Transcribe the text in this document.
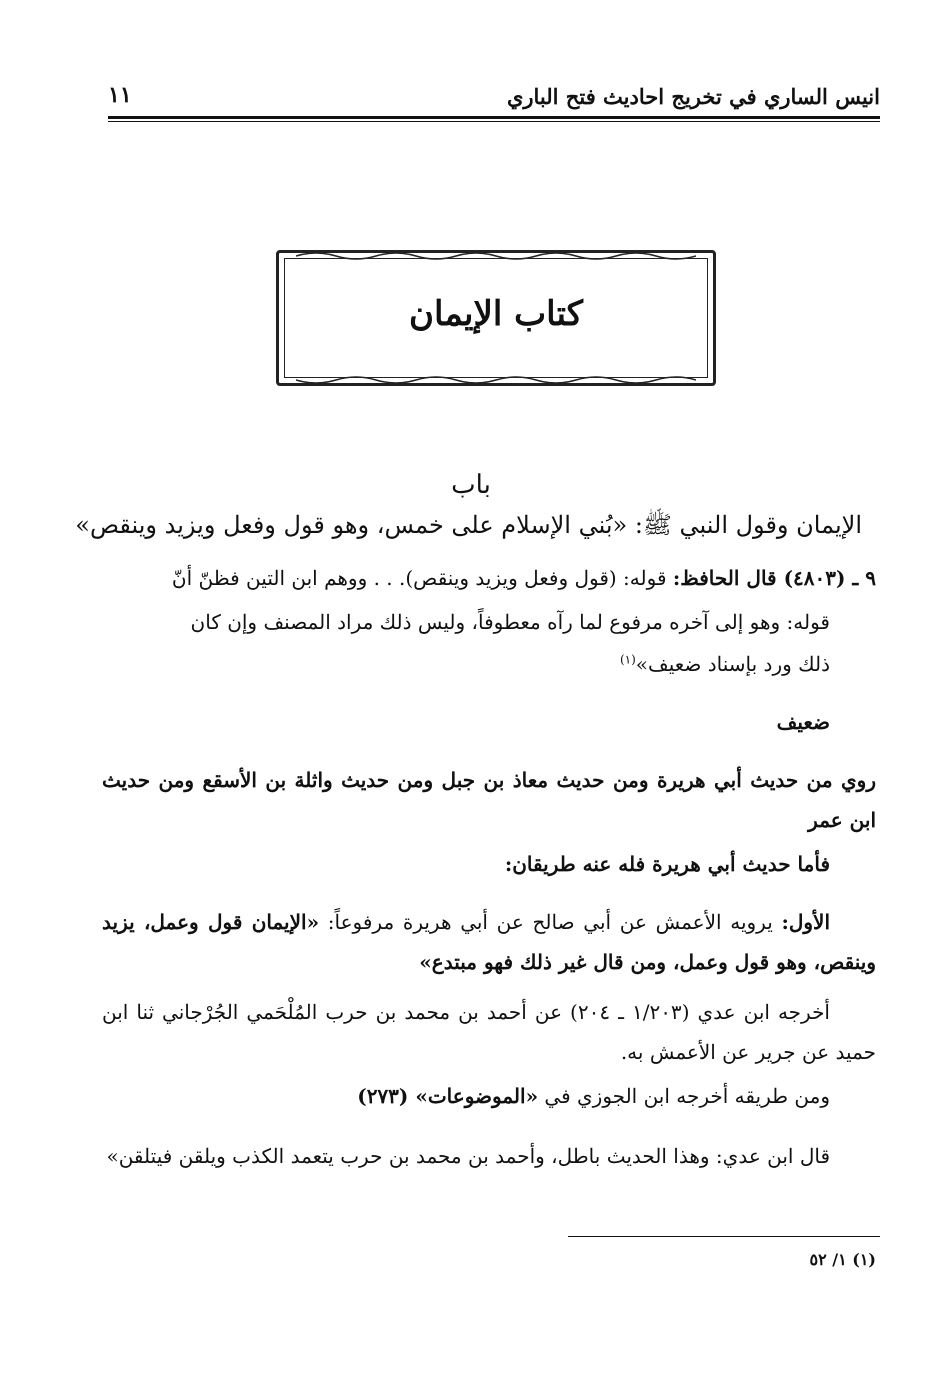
انيس الساري في تخريج احاديث فتح الباري
١١
كتاب الإيمان
باب
الإيمان وقول النبي ﷺ: «بُني الإسلام على خمس، وهو قول وفعل ويزيد وينقص»
٩ ـ (٤٨٠٣) قال الحافظ: قوله: (قول وفعل ويزيد وينقص). . . ووهم ابن التين فظنّ أنّ
قوله: وهو إلى آخره مرفوع لما رآه معطوفاً، وليس ذلك مراد المصنف وإن كان
ذلك ورد بإسناد ضعيف»$^{(١)}$
ضعيف
روي من حديث أبي هريرة ومن حديث معاذ بن جبل ومن حديث واثلة بن الأسقع ومن حديث ابن عمر
فأما حديث أبي هريرة فله عنه طريقان:
الأول: يرويه الأعمش عن أبي صالح عن أبي هريرة مرفوعاً: «الإيمان قول وعمل، يزيد وينقص، وهو قول وعمل، ومن قال غير ذلك فهو مبتدع»
أخرجه ابن عدي (١/٢٠٣ ـ ٢٠٤) عن أحمد بن محمد بن حرب المُلْحَمي الجُرْجاني ثنا ابن حميد عن جرير عن الأعمش به.
ومن طريقه أخرجه ابن الجوزي في «الموضوعات» (٢٧٣)
قال ابن عدي: وهذا الحديث باطل، وأحمد بن محمد بن حرب يتعمد الكذب ويلقن فيتلقن»
(١) ١/ ٥٢
